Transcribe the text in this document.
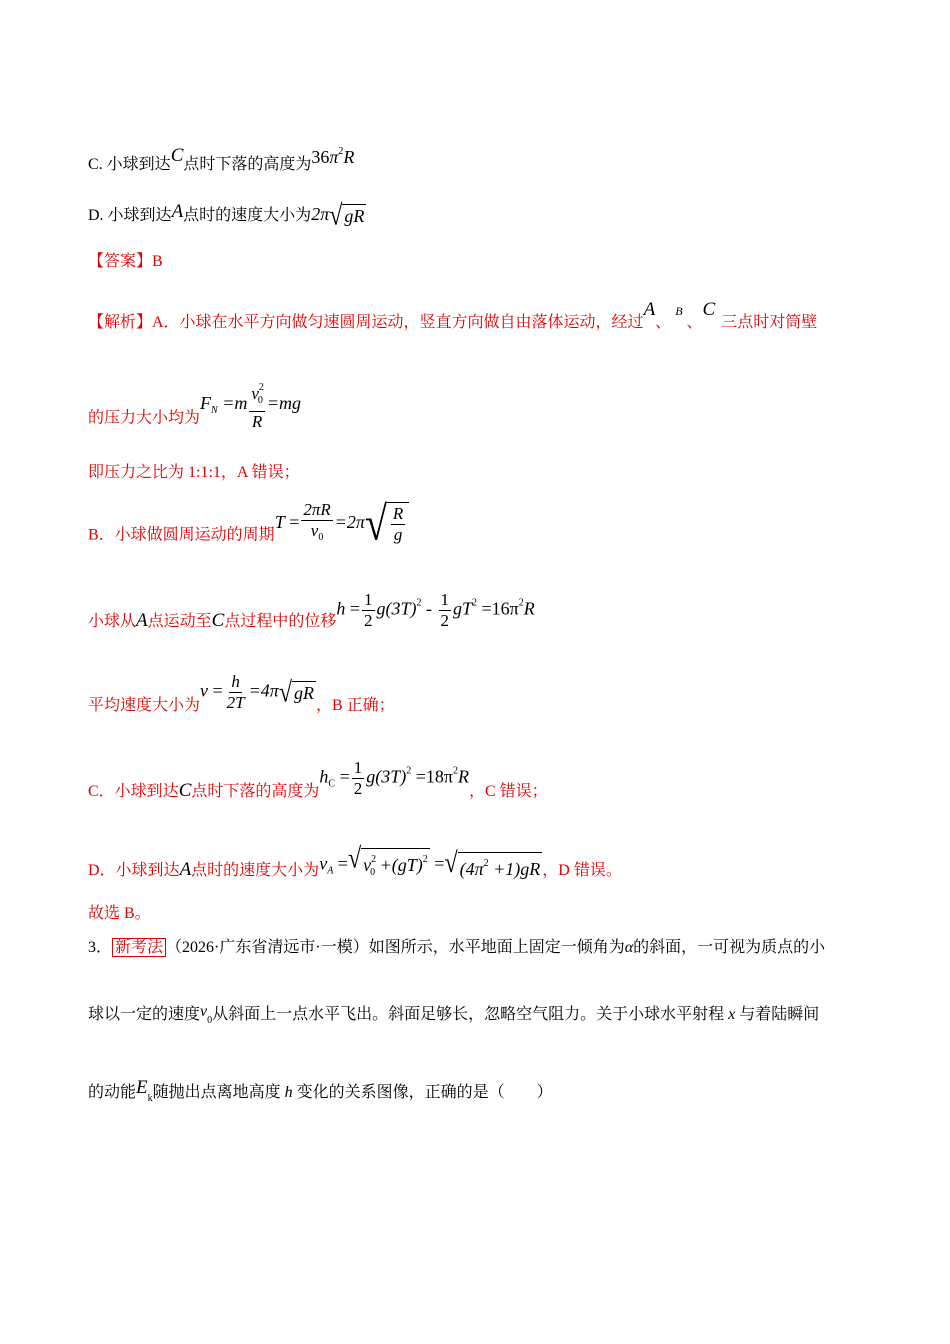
C. 小球到达C点时下落的高度为$36\pi^2R$
D. 小球到达A点时的速度大小为2π √ gR
【答案】B
【解析】A．小球在水平方向做匀速圆周运动，竖直方向做自由落体运动，经过A、$^B$、C三点时对筒壁
的压力大小均为$F_N =m \frac{v^2_0}{R} =mg$
即压力之比为 1:1:1，A 错误；
B．小球做圆周运动的周期$T = \frac{2\pi R}{v_0} =2\pi$ √ $\frac{R}{g}$
小球从A点运动至C点过程中的位移$h = \frac{1}{2} g(3T)^2 - \frac{1}{2} gT^2 =16\pi^2R$
平均速度大小为$v = \frac{h}{2T} =4\pi$ √ gR
，B 正确；
C．小球到达C点时下落的高度为$h_C = \frac{1}{2} g(3T)^2 =18\pi^2R$，C 错误；
D．小球到达A点时的速度大小为$v_A$ = √ $v^2_0 +(gT)^2$ = √ $(4\pi^2 +1)gR$ ，D 错误。
故选 B。
3． 新考法 （2026·广东省清远市·一模）如图所示，水平地面上固定一倾角为α的斜面，一可视为质点的小
球以一定的速度$v_0$从斜面上一点水平飞出。斜面足够长，忽略空气阻力。关于小球水平射程 x 与着陆瞬间
的动能$E_k$随抛出点离地高度 h 变化的关系图像，正确的是（　　）
